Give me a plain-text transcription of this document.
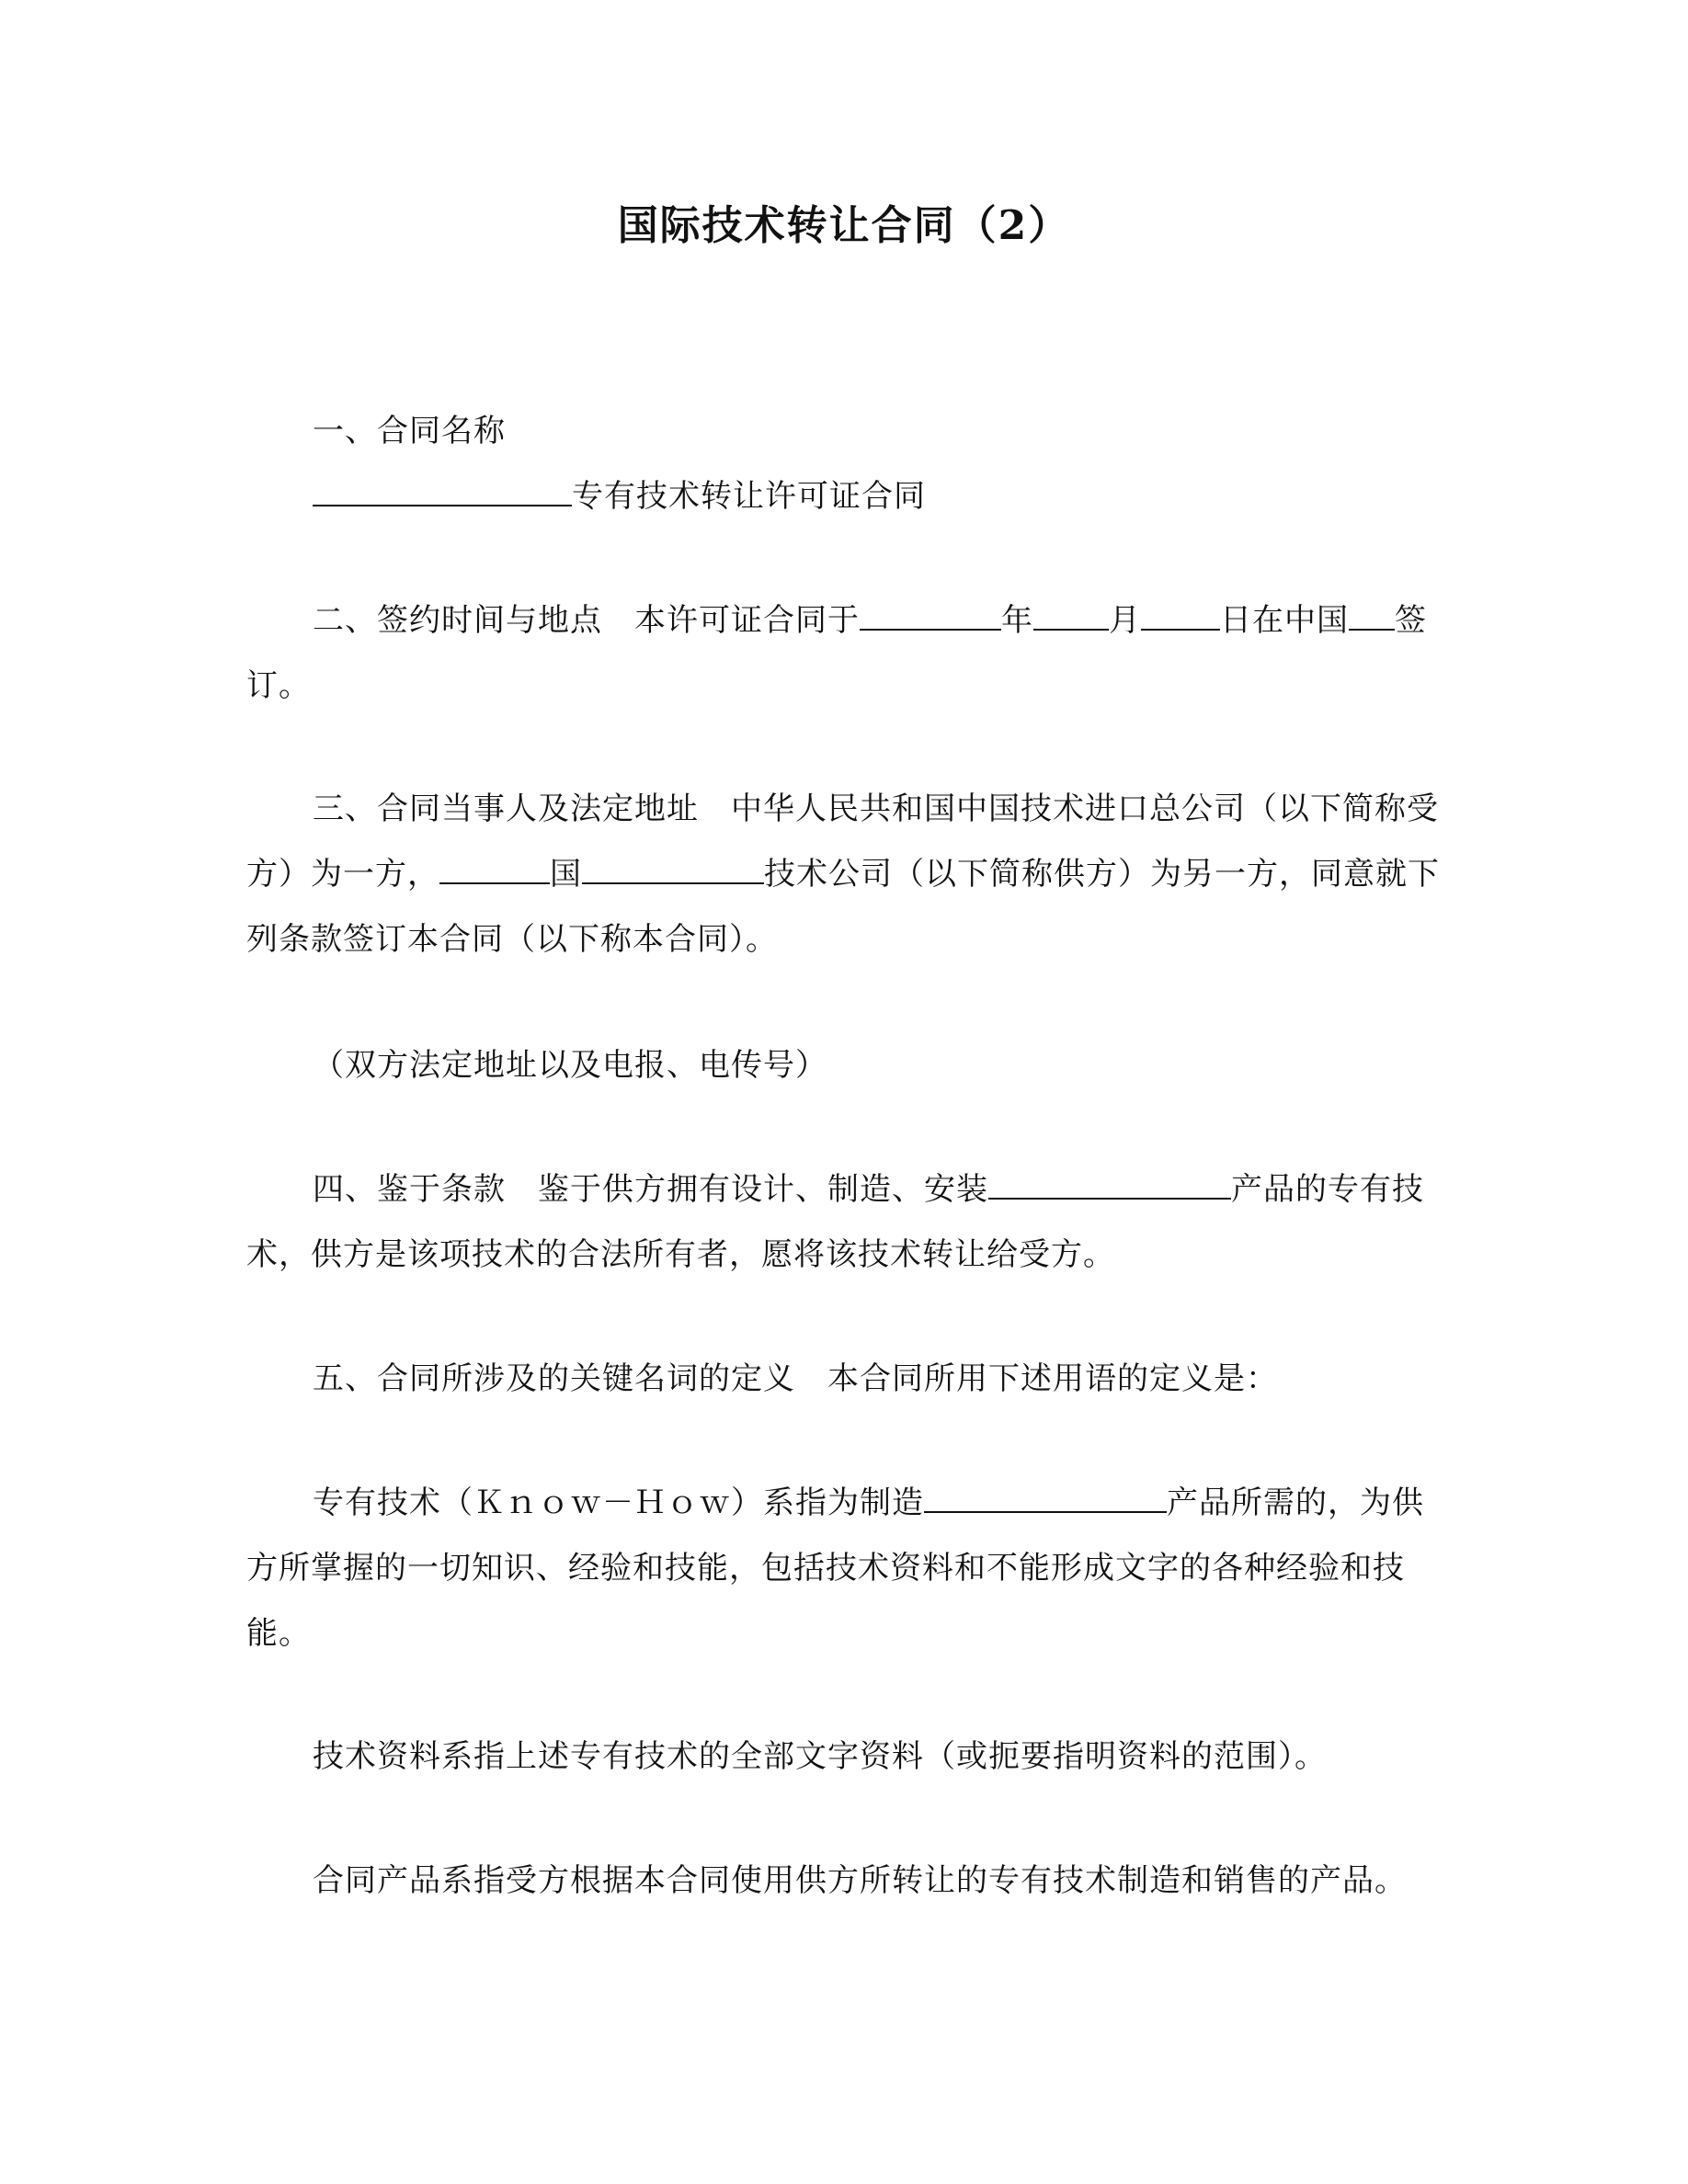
国际技术转让合同（2）
一、合同名称
专有技术转让许可证合同
二、签约时间与地点　本许可证合同于	年 月	日在中国 签订。
三、合同当事人及法定地址　中华人民共和国中国技术进口总公司（以下简称受方）为一方，	国	技术公司（以下简称供方）为另一方，同意就下列条款签订本合同（以下称本合同）。
（双方法定地址以及电报、电传号）
四、鉴于条款　鉴于供方拥有设计、制造、安装	产品的专有技术，供方是该项技术的合法所有者，愿将该技术转让给受方。
五、合同所涉及的关键名词的定义　本合同所用下述用语的定义是：
专有技术（Ｋｎｏｗ－Ｈｏｗ）系指为制造	产品所需的，为供方所掌握的一切知识、经验和技能，包括技术资料和不能形成文字的各种经验和技能。
技术资料系指上述专有技术的全部文字资料（或扼要指明资料的范围）。
合同产品系指受方根据本合同使用供方所转让的专有技术制造和销售的产品。
